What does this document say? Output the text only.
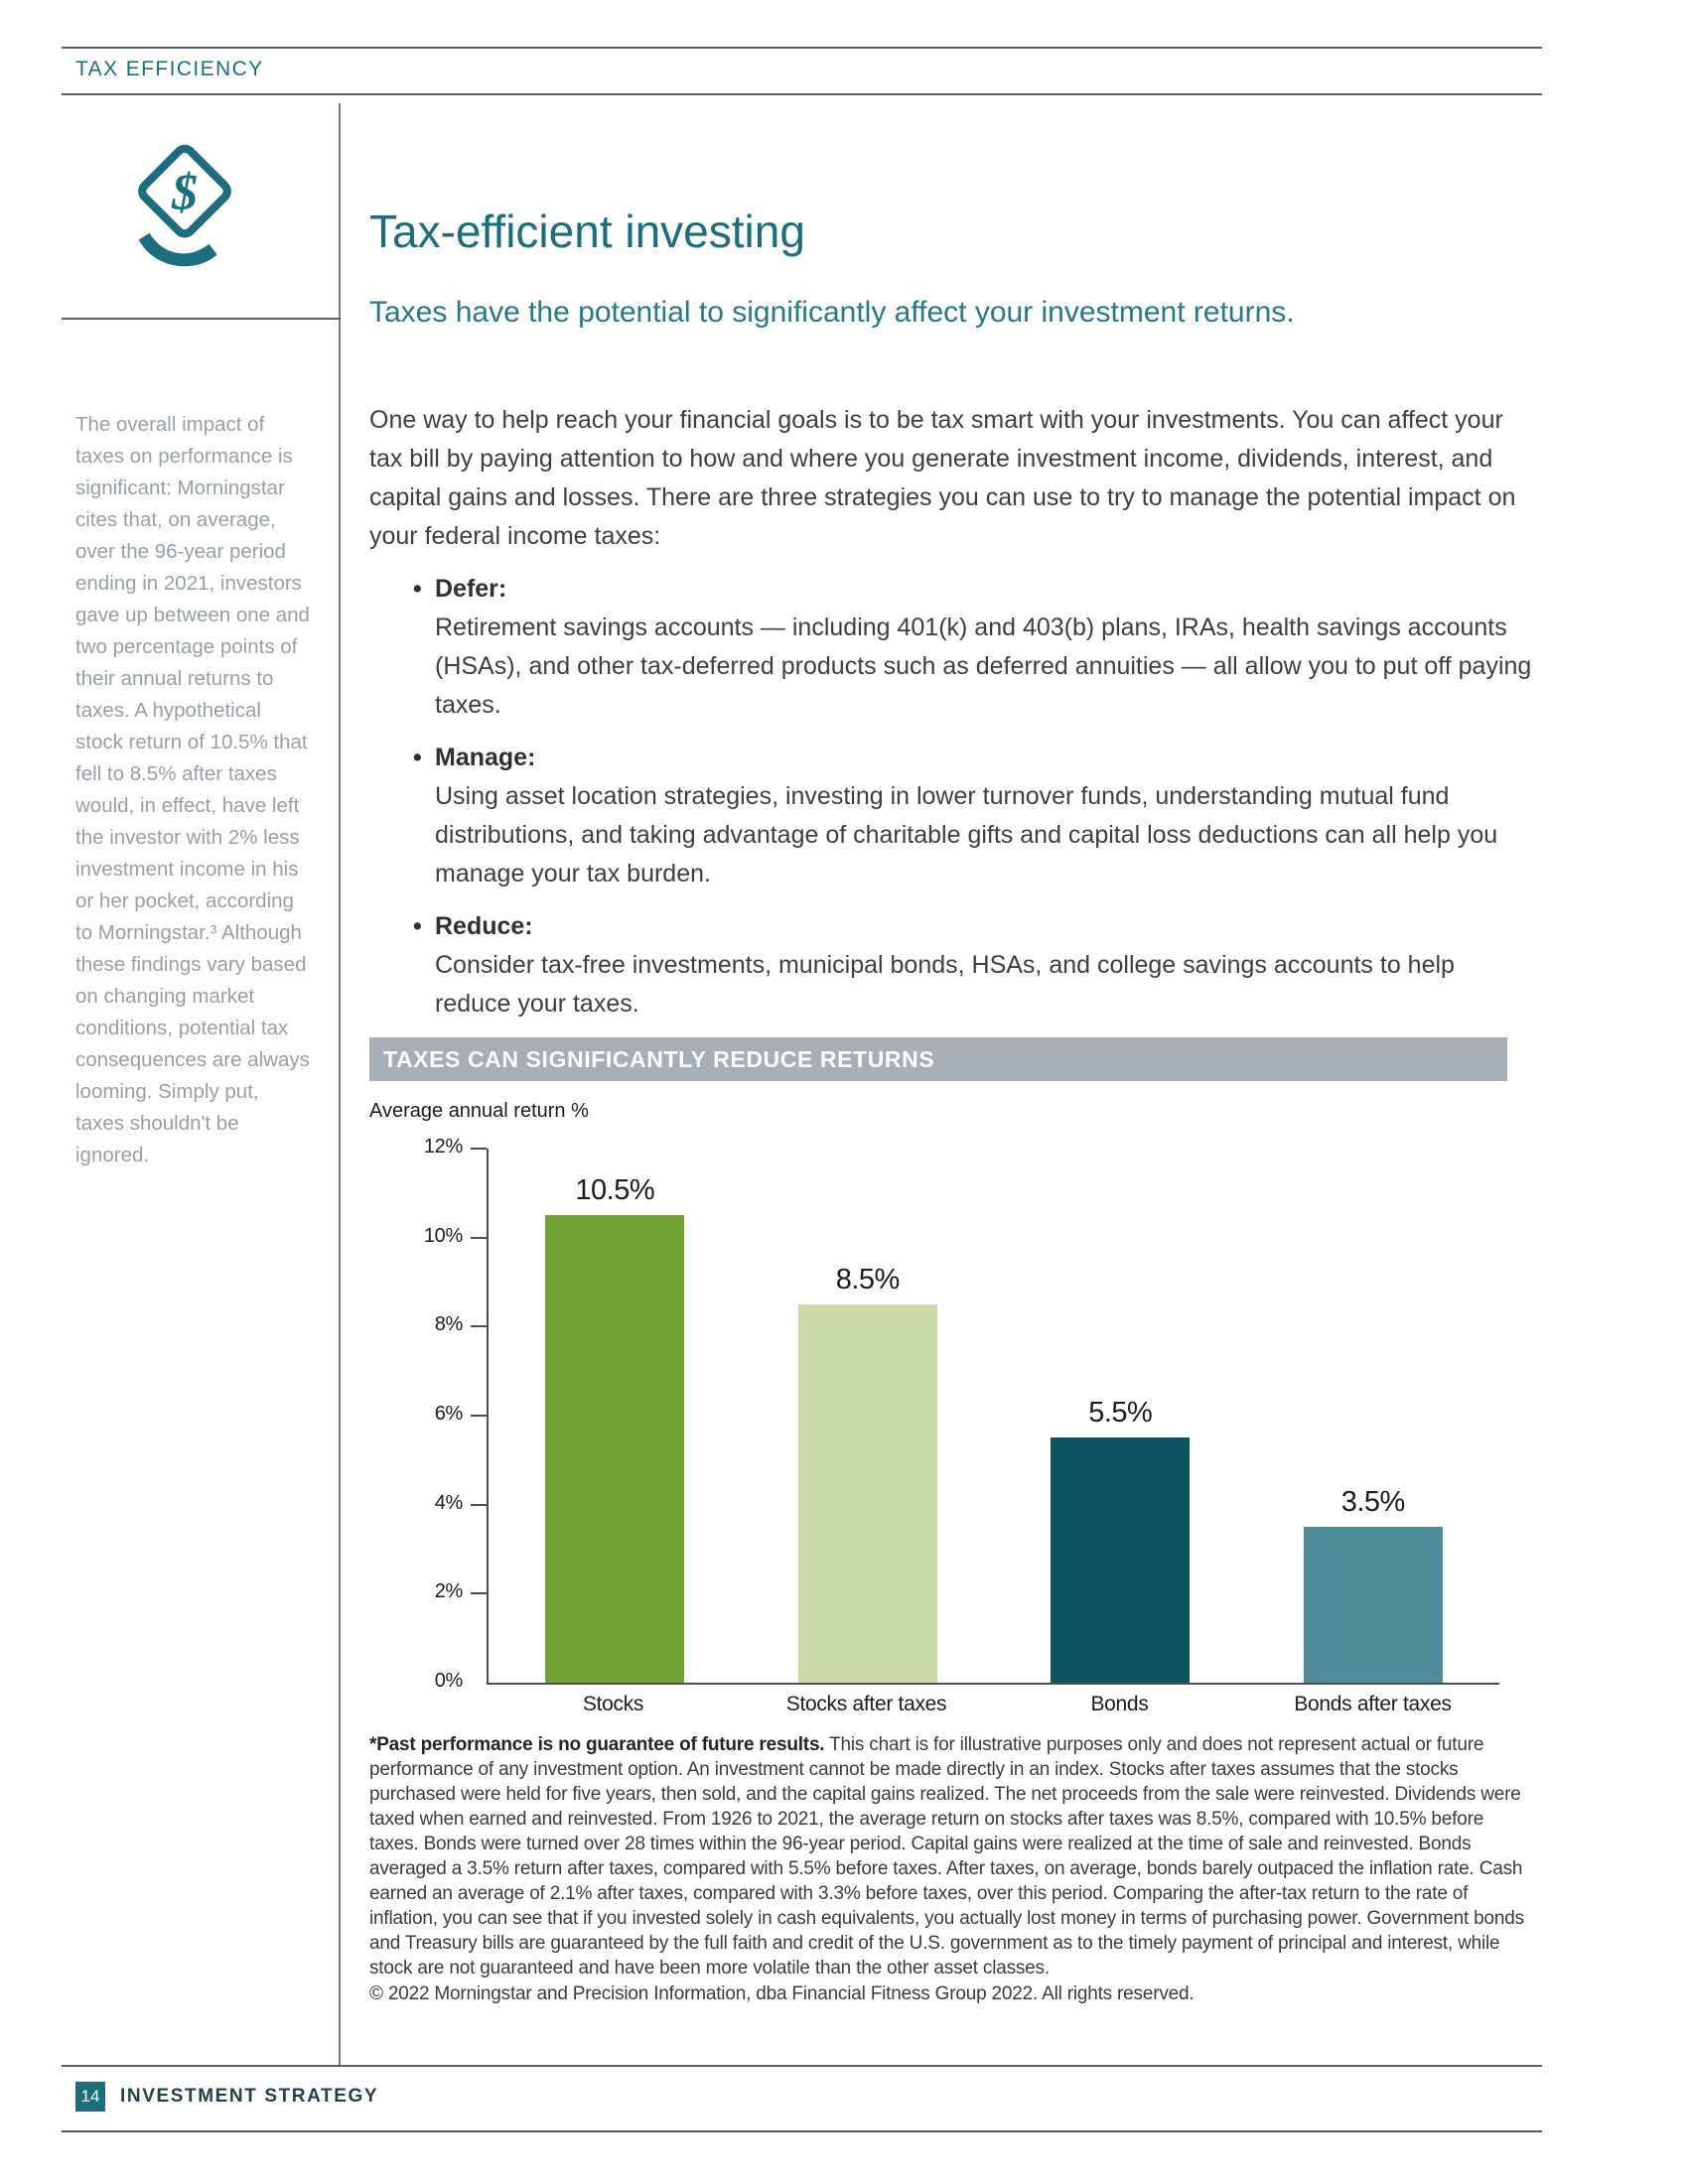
TAX EFFICIENCY
$
The overall impact of taxes on performance is significant: Morningstar cites that, on average, over the 96-year period ending in 2021, investors gave up between one and two percentage points of their annual returns to taxes. A hypothetical stock return of 10.5% that fell to 8.5% after taxes would, in effect, have left the investor with 2% less investment income in his or her pocket, according to Morningstar.³ Although these findings vary based on changing market conditions, potential tax consequences are always looming. Simply put, taxes shouldn't be ignored.
Tax-efficient investing
Taxes have the potential to significantly affect your investment returns.

One way to help reach your financial goals is to be tax smart with your investments. You can affect your tax bill by paying attention to how and where you generate investment income, dividends, interest, and capital gains and losses. There are three strategies you can use to try to manage the potential impact on your federal income taxes:

• Defer:
Retirement savings accounts — including 401(k) and 403(b) plans, IRAs, health savings accounts (HSAs), and other tax-deferred products such as deferred annuities — all allow you to put off paying taxes.
• Manage:
Using asset location strategies, investing in lower turnover funds, understanding mutual fund distributions, and taking advantage of charitable gifts and capital loss deductions can all help you manage your tax burden.
• Reduce:
Consider tax-free investments, municipal bonds, HSAs, and college savings accounts to help reduce your taxes.
TAXES CAN SIGNIFICANTLY REDUCE RETURNS
Average annual return %
0%
2%
4%
6%
8%
10%
12%
10.5%
8.5%
5.5%
3.5%
Stocks	Stocks after taxes	Bonds	Bonds after taxes

*Past performance is no guarantee of future results. This chart is for illustrative purposes only and does not represent actual or future performance of any investment option. An investment cannot be made directly in an index. Stocks after taxes assumes that the stocks purchased were held for five years, then sold, and the capital gains realized. The net proceeds from the sale were reinvested. Dividends were taxed when earned and reinvested. From 1926 to 2021, the average return on stocks after taxes was 8.5%, compared with 10.5% before taxes. Bonds were turned over 28 times within the 96-year period. Capital gains were realized at the time of sale and reinvested. Bonds averaged a 3.5% return after taxes, compared with 5.5% before taxes. After taxes, on average, bonds barely outpaced the inflation rate. Cash earned an average of 2.1% after taxes, compared with 3.3% before taxes, over this period. Comparing the after-tax return to the rate of inflation, you can see that if you invested solely in cash equivalents, you actually lost money in terms of purchasing power. Government bonds and Treasury bills are guaranteed by the full faith and credit of the U.S. government as to the timely payment of principal and interest, while stock are not guaranteed and have been more volatile than the other asset classes.

© 2022 Morningstar and Precision Information, dba Financial Fitness Group 2022. All rights reserved.

14 INVESTMENT STRATEGY
